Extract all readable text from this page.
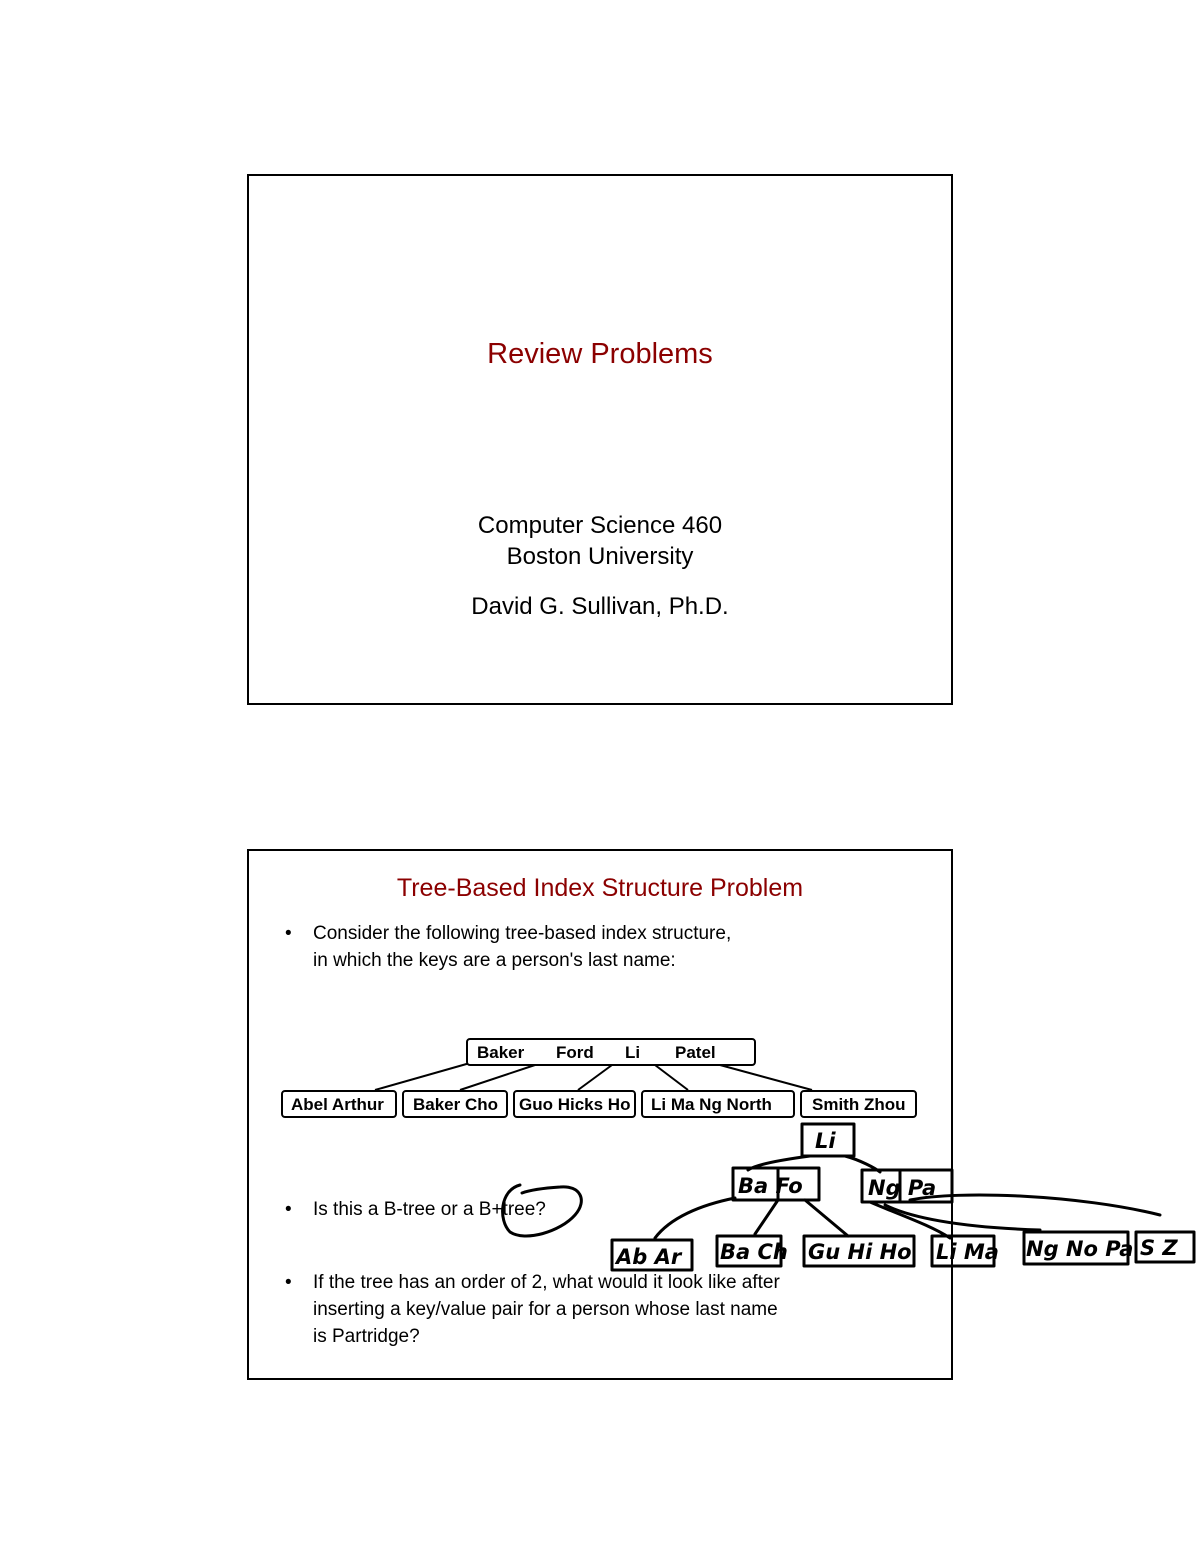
Review Problems
Computer Science 460
Boston University
David G. Sullivan, Ph.D.
Tree-Based Index Structure Problem
• Consider the following tree-based index structure,
in which the keys are a person's last name:
• Is this a B-tree or a B+tree?
• If the tree has an order of 2, what would it look like after
inserting a key/value pair for a person whose last name
is Partridge?
Baker Ford Li Patel
Abel Arthur Baker Cho Guo Hicks Ho Li Ma Ng North Smith Zhou
Li
Ba Fo	Ng Pa
Ab Ar Ba Ch Gu Hi Ho Li Ma Ng No Pa S Z
